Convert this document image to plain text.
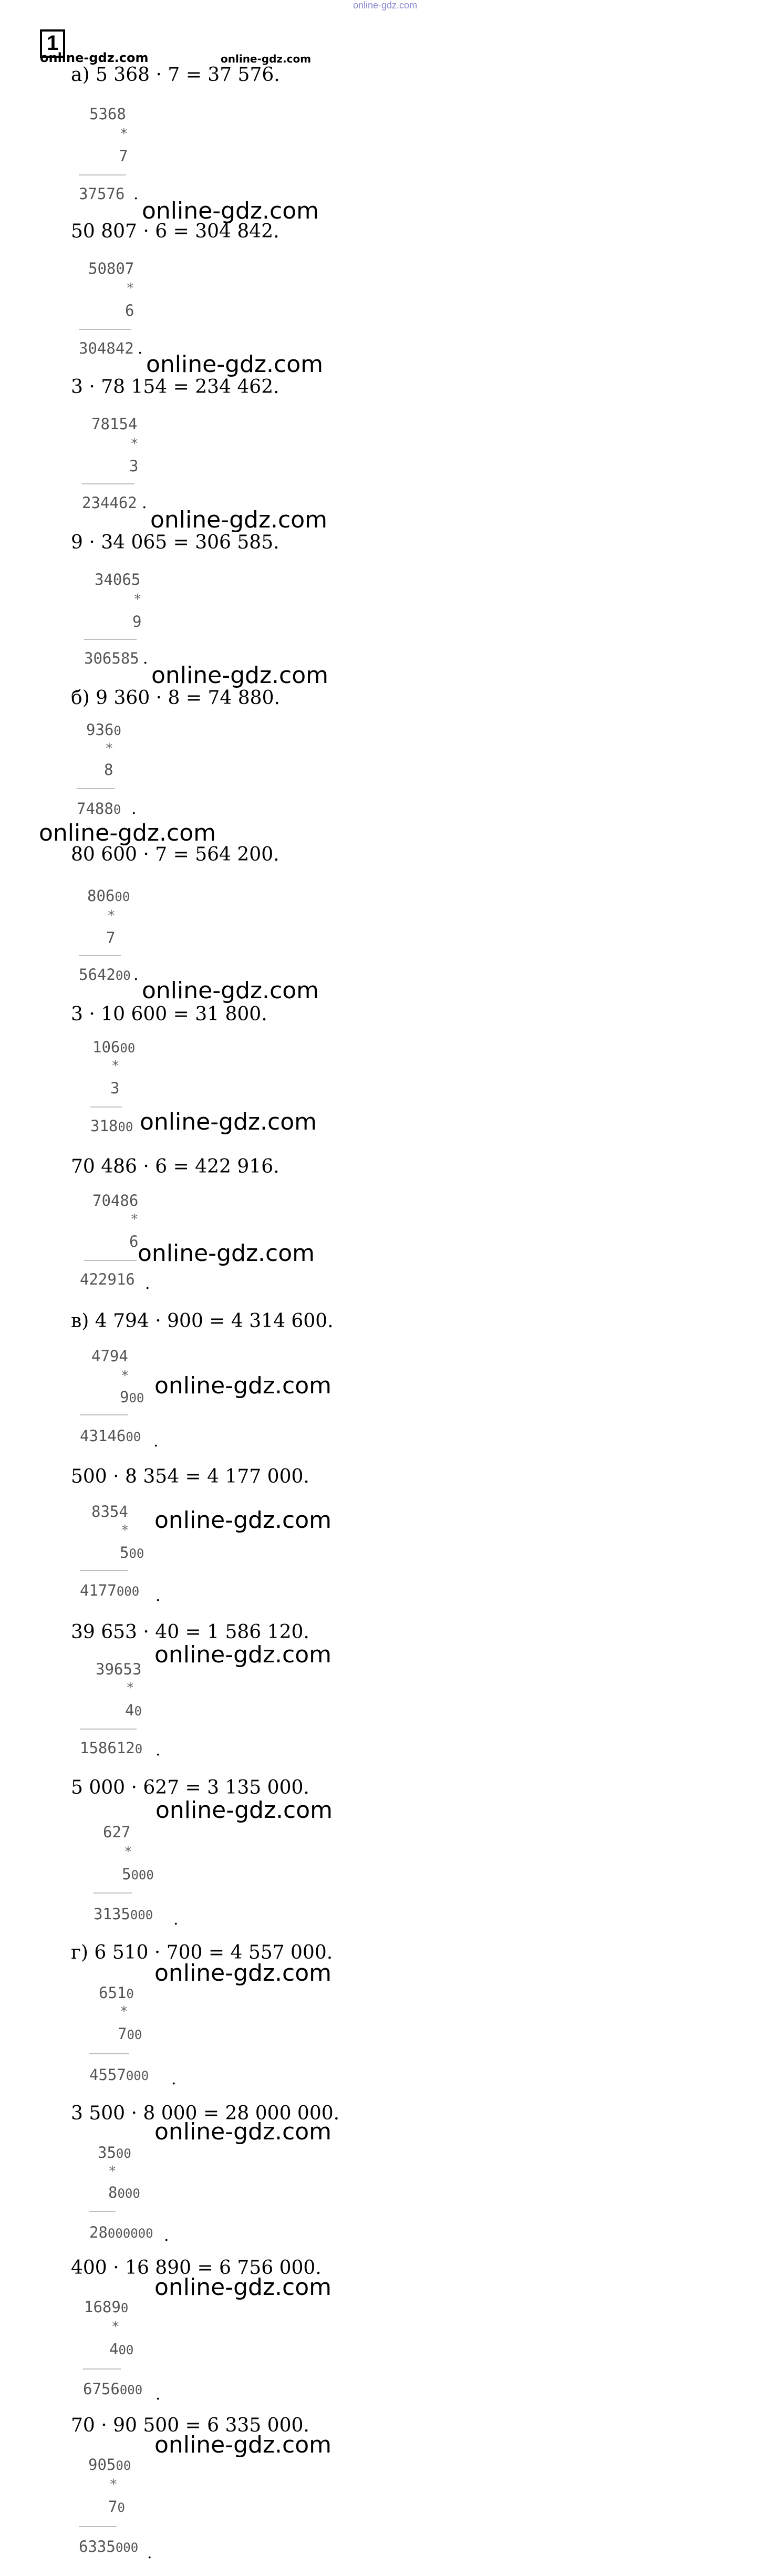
online-gdz.com
1
online-gdz.com	online-gdz.com
а) 5 368 · 7 = 37 576.
5368
*
7
37576 .
online-gdz.com
50 807 · 6 = 304 842.
50807
*
6
304842 .
online-gdz.com
3 · 78 154 = 234 462.
78154
*
3
234462 .
online-gdz.com
9 · 34 065 = 306 585.
34065
*
9
306585 .
online-gdz.com
б) 9 360 · 8 = 74 880.
9360
*
8
74880 .
online-gdz.com
80 600 · 7 = 564 200.
80600
*
7
564200 .
online-gdz.com
3 · 10 600 = 31 800.
10600
*
3
31800 online-gdz.com
70 486 · 6 = 422 916.
70486
*
6
422916 .
online-gdz.com
в) 4 794 · 900 = 4 314 600.
4794
*
900
4314600 .
online-gdz.com
500 · 8 354 = 4 177 000.
8354
*
500
4177000 .
online-gdz.com
39 653 · 40 = 1 586 120.
39653
*
40
1586120 .
online-gdz.com
5 000 · 627 = 3 135 000.
627
*
5000
3135000 .
online-gdz.com
г) 6 510 · 700 = 4 557 000.
6510
*
700
4557000 .
online-gdz.com
3 500 · 8 000 = 28 000 000.
3500
*
8000
28000000 .
online-gdz.com
400 · 16 890 = 6 756 000.
16890
*
400
6756000 .
online-gdz.com
70 · 90 500 = 6 335 000.
90500
*
70
6335000 .
online-gdz.com
